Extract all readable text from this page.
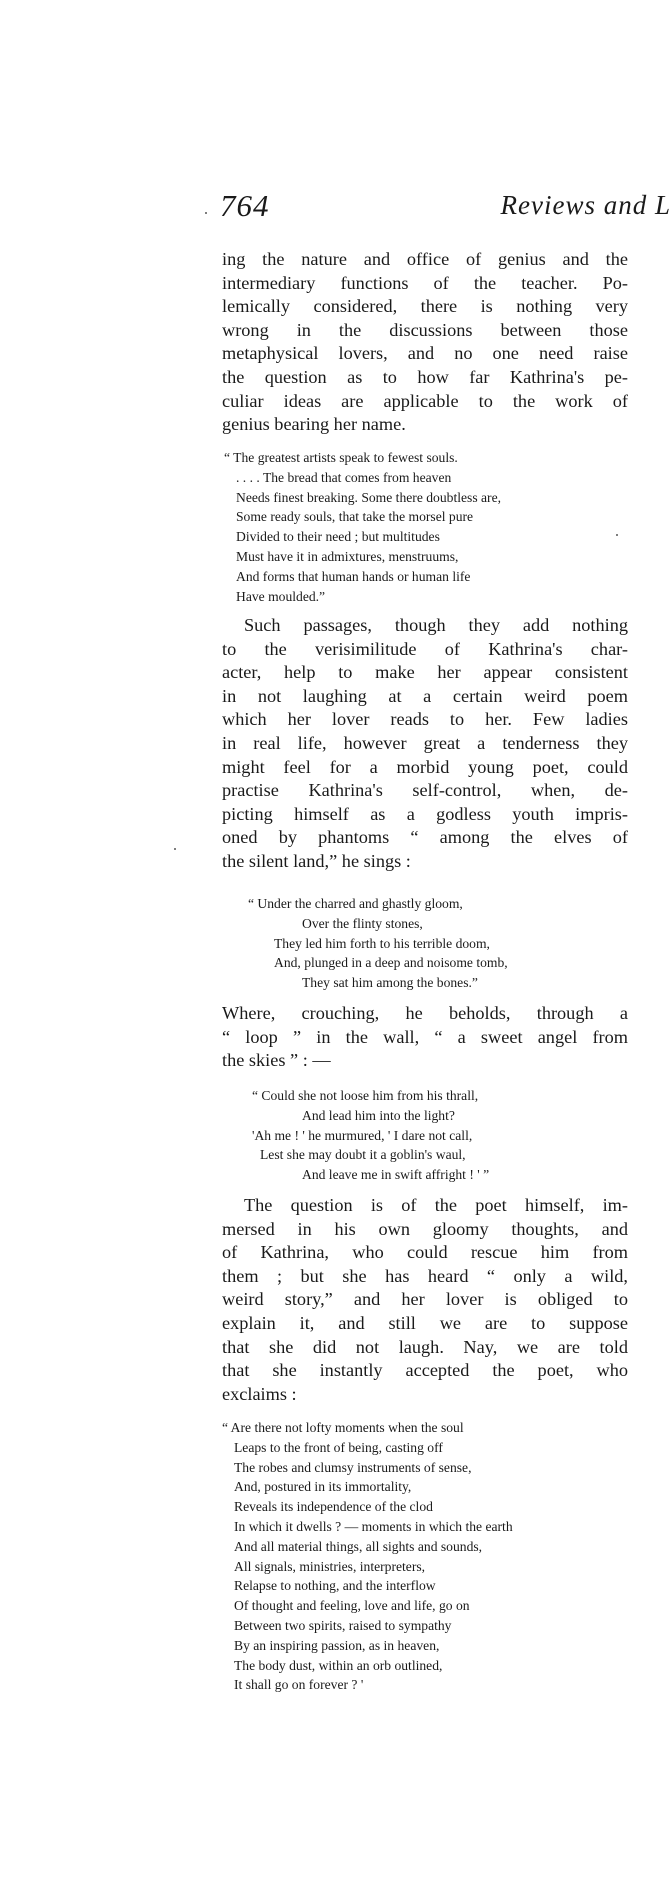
764	Reviews and L

ing the nature and office of genius and the
intermediary functions of the teacher. Po-
lemically considered, there is nothing very
wrong in the discussions between those
metaphysical lovers, and no one need raise
the question as to how far Kathrina's pe-
culiar ideas are applicable to the work of
genius bearing her name.

“ The greatest artists speak to fewest souls.
. . . . The bread that comes from heaven
Needs finest breaking. Some there doubtless are,
Some ready souls, that take the morsel pure
Divided to their need ; but multitudes
Must have it in admixtures, menstruums,
And forms that human hands or human life
Have moulded.”

Such passages, though they add nothing
to the verisimilitude of Kathrina's char-
acter, help to make her appear consistent
in not laughing at a certain weird poem
which her lover reads to her. Few ladies
in real life, however great a tenderness they
might feel for a morbid young poet, could
practise Kathrina's self-control, when, de-
picting himself as a godless youth impris-
oned by phantoms “ among the elves of
the silent land,” he sings :

“ Under the charred and ghastly gloom,
Over the flinty stones,
They led him forth to his terrible doom,
And, plunged in a deep and noisome tomb,
They sat him among the bones.”

Where, crouching, he beholds, through a
“ loop ” in the wall, “ a sweet angel from
the skies ” : —

“ Could she not loose him from his thrall,
And lead him into the light?
'Ah me ! ' he murmured, ' I dare not call,
Lest she may doubt it a goblin's waul,
And leave me in swift affright ! ' ”

The question is of the poet himself, im-
mersed in his own gloomy thoughts, and
of Kathrina, who could rescue him from
them ; but she has heard “ only a wild,
weird story,” and her lover is obliged to
explain it, and still we are to suppose
that she did not laugh. Nay, we are told
that she instantly accepted the poet, who
exclaims :

“ Are there not lofty moments when the soul
Leaps to the front of being, casting off
The robes and clumsy instruments of sense,
And, postured in its immortality,
Reveals its independence of the clod
In which it dwells ? — moments in which the earth
And all material things, all sights and sounds,
All signals, ministries, interpreters,
Relapse to nothing, and the interflow
Of thought and feeling, love and life, go on
Between two spirits, raised to sympathy
By an inspiring passion, as in heaven,
The body dust, within an orb outlined,
It shall go on forever ? '
